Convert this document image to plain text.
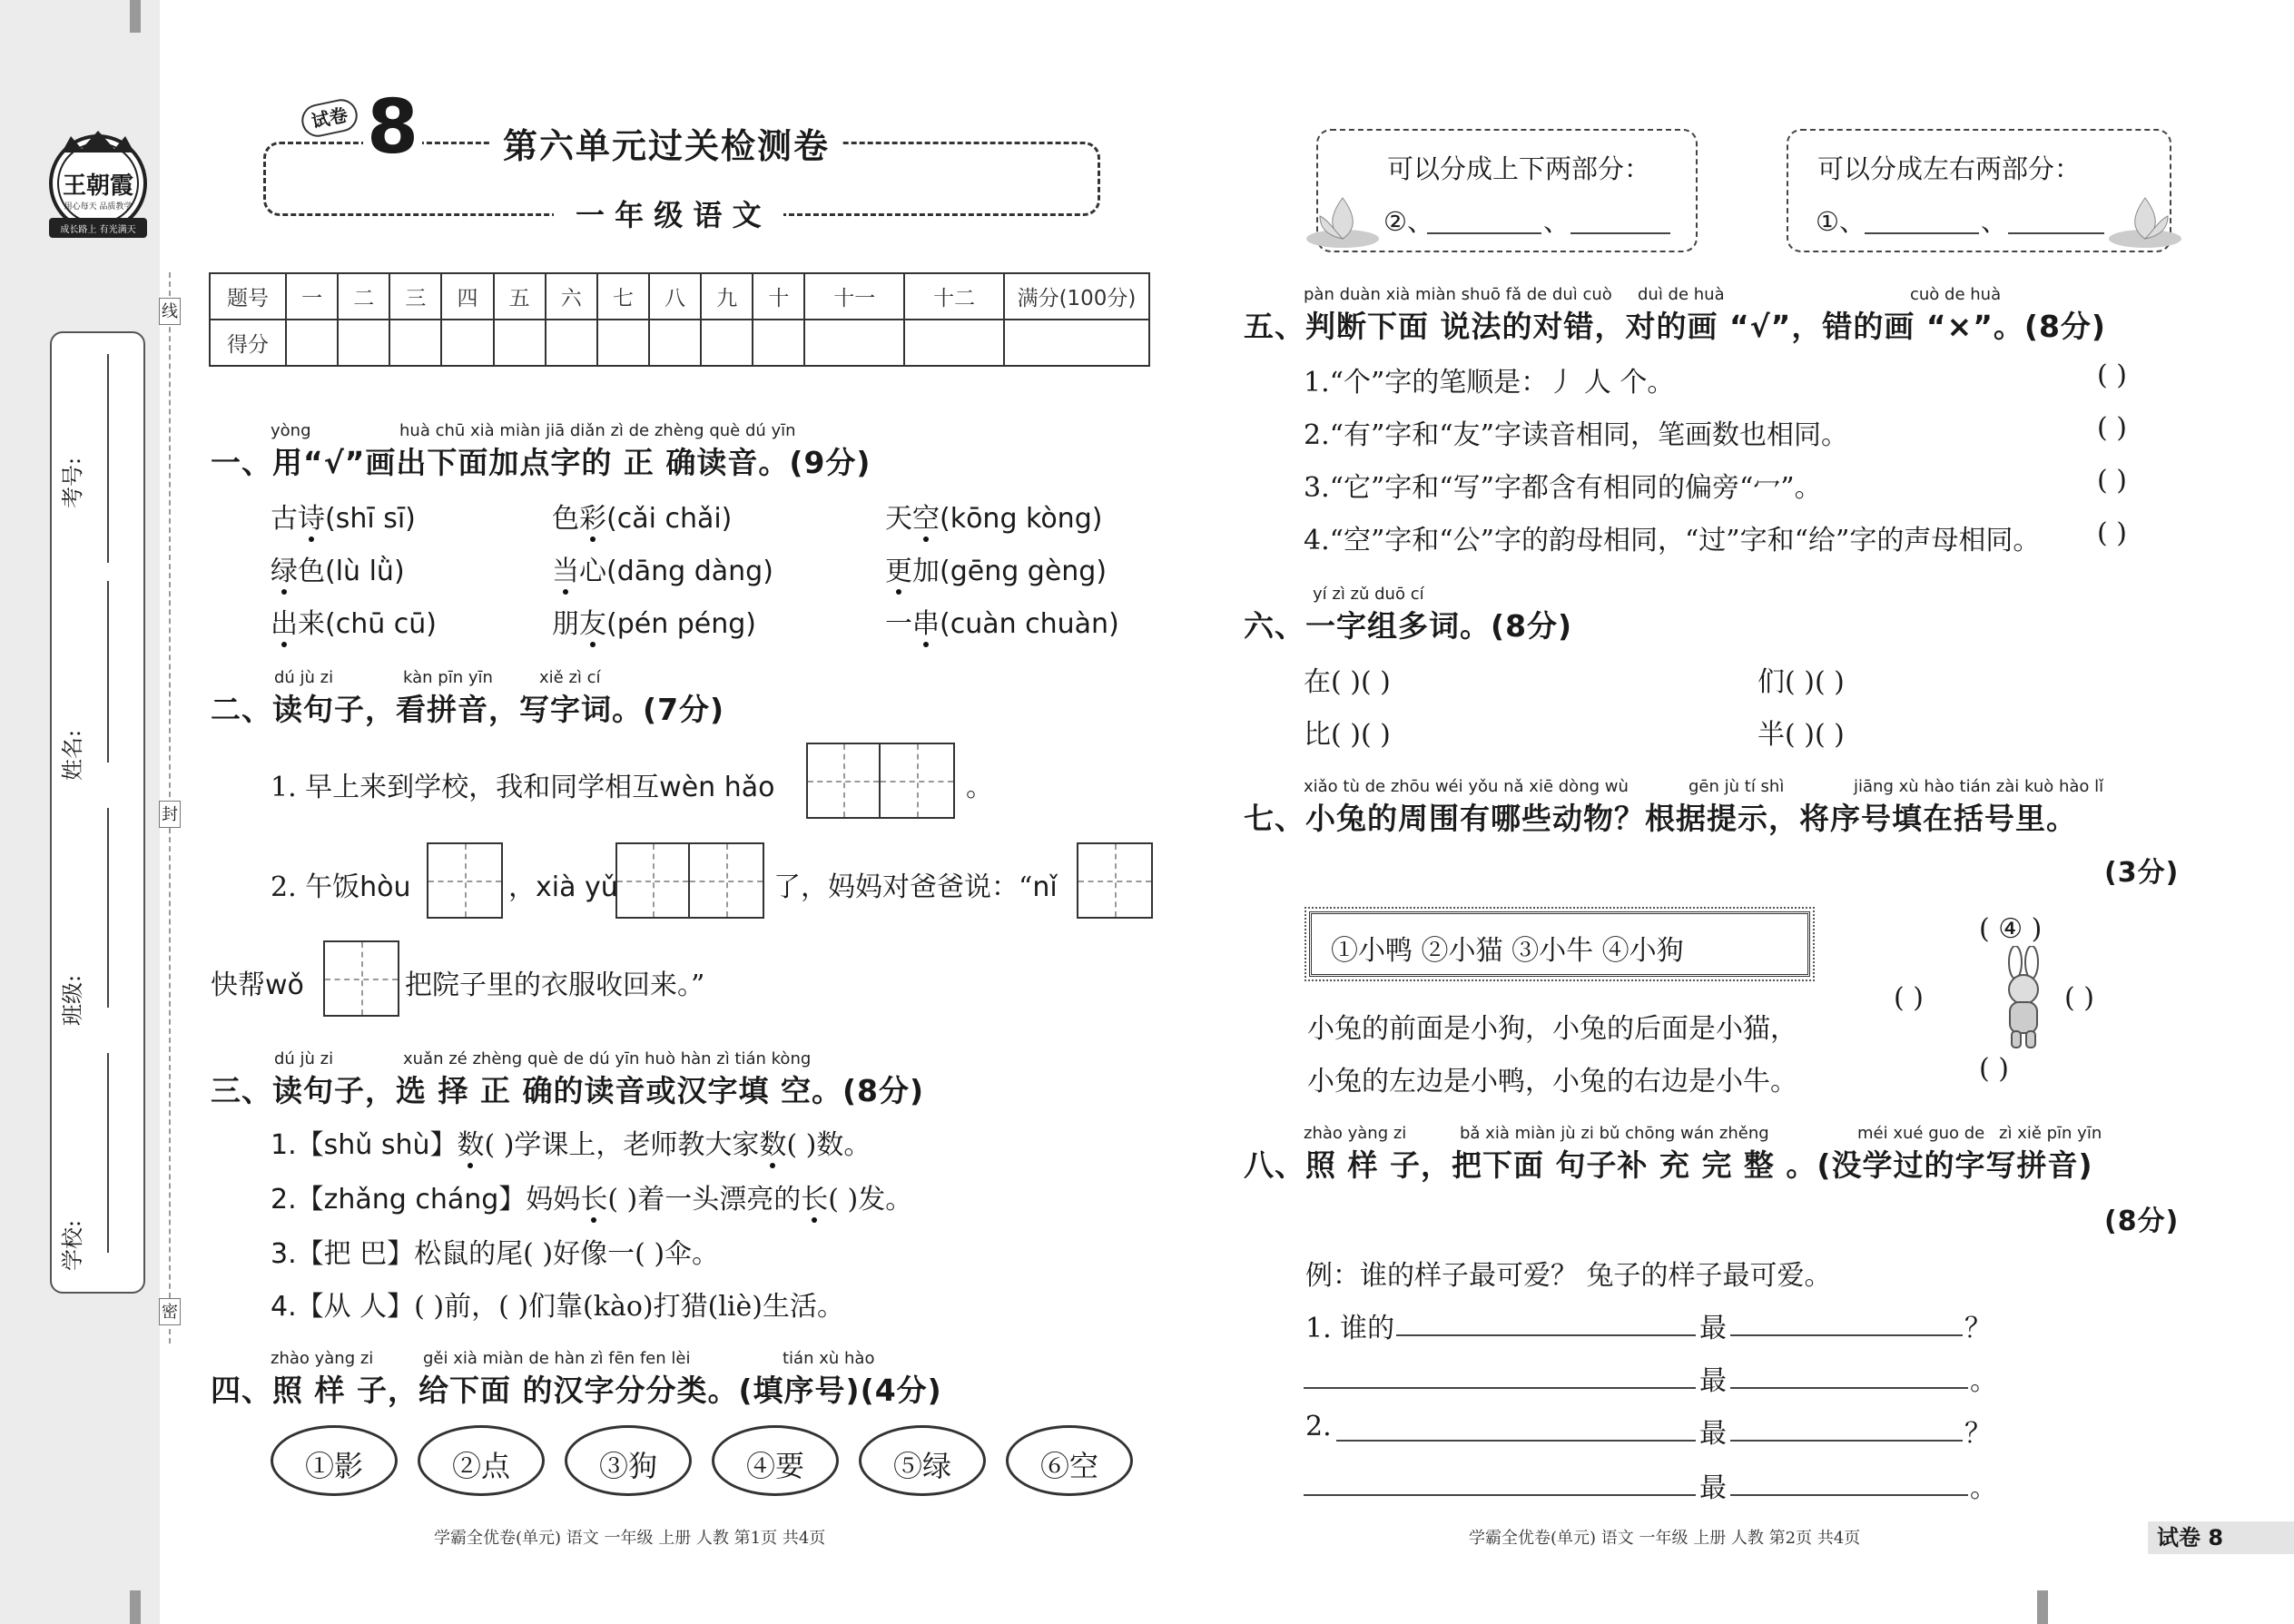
王朝霞
用心每天 品质教学
成长路上 有光满天
考号:
姓名:
班级:
学校:
线
封
密
试卷 8	第六单元过关检测卷
一 年 级 语 文
题号	一	二	三	四	五	六	七	八	九	十	十一	十二	满分(100分)
得分													
yòng	huà chū xià miàn jiā diǎn zì de zhèng què dú yīn
一、用“√”画出下面加点字的 正 确读音。(9分)
古诗(shī sī)	色彩(cǎi chǎi)	天空(kōng kòng)
绿色(lù lǜ)	当心(dāng dàng)	更加(gēng gèng)
出来(chū cū)	朋友(pén péng)	一串(cuàn chuàn)
dú jù zi	kàn pīn yīn	xiě zì cí
二、读句子，看拼音，写字词。(7分)
1. 早上来到学校，我和同学相互wèn hǎo	。
2. 午饭hòu	，xià yǔ	了，妈妈对爸爸说：“nǐ
快帮wǒ	把院子里的衣服收回来。”
dú jù zi	xuǎn zé zhèng què de dú yīn huò hàn zì tián kòng
三、读句子，选 择 正 确的读音或汉字填 空。(8分)
1.【shǔ shù】数( )学课上，老师教大家数( )数。
2.【zhǎng cháng】妈妈长( )着一头漂亮的长( )发。
3.【把 巴】松鼠的尾( )好像一( )伞。
4.【从 人】( )前，( )们靠(kào)打猎(liè)生活。
zhào yàng zi	gěi xià miàn de hàn zì fēn fen lèi	tián xù hào
四、照 样 子，给下面 的汉字分分类。(填序号)(4分)
①影	②点	③狗	④要	⑤绿	⑥空
学霸全优卷(单元) 语文 一年级 上册 人教 第1页 共4页
可以分成上下两部分：
②、	、
可以分成左右两部分：
①、	、
pàn duàn xià miàn shuō fǎ de duì cuò duì de huà	cuò de huà
五、判断下面 说法的对错，对的画 “√”，错的画 “×”。(8分)
1.“个”字的笔顺是：丿 人 个。	( )
2.“有”字和“友”字读音相同，笔画数也相同。	( )
3.“它”字和“写”字都含有相同的偏旁“冖”。	( )
4.“空”字和“公”字的韵母相同，“过”字和“给”字的声母相同。 ( )
yí zì zǔ duō cí
六、一字组多词。(8分)
在( )( )	们( )( )
比( )( )	半( )( )
xiǎo tù de zhōu wéi yǒu nǎ xiē dòng wù	gēn jù tí shì	jiāng xù hào tián zài kuò hào lǐ
七、小兔的周围有哪些动物？根据提示，将序号填在括号里。
(3分)
①小鸭 ②小猫 ③小牛 ④小狗
小兔的前面是小狗，小兔的后面是小猫，
小兔的左边是小鸭，小兔的右边是小牛。
( ④ )
( )	( )
( )
zhào yàng zi	bǎ xià miàn jù zi bǔ chōng wán zhěng	méi xué guo de zì xiě pīn yīn
八、照 样 子，把下面 句子补 充 完 整 。(没学过的字写拼音)
(8分)
例：谁的样子最可爱？ 兔子的样子最可爱。
1. 谁的	最	？
最	。
2.	最	？
最	。
学霸全优卷(单元) 语文 一年级 上册 人教 第2页 共4页	试卷 8
